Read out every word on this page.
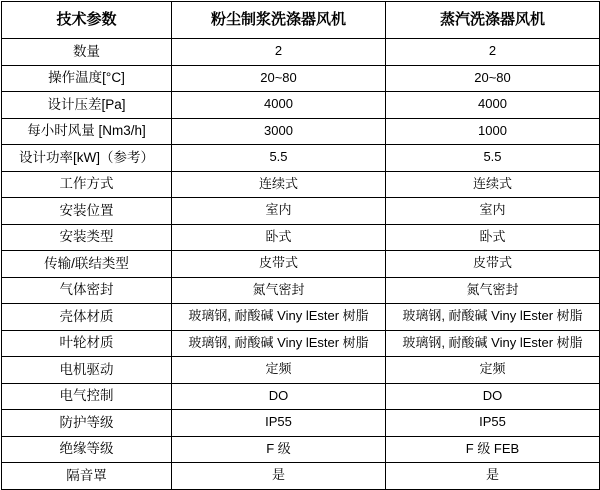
技术参数	粉尘制浆洗涤器风机	蒸汽洗涤器风机
数量	2	2
操作温度[°C]	20~80	20~80
设计压差[Pa]	4000	4000
每小时风量 [Nm3/h]	3000	1000
设计功率[kW]（参考）	5.5	5.5
工作方式	连续式	连续式
安装位置	室内	室内
安装类型	卧式	卧式
传输/联结类型	皮带式	皮带式
气体密封	氮气密封	氮气密封
壳体材质	玻璃钢, 耐酸碱 Viny lEster 树脂	玻璃钢, 耐酸碱 Viny lEster 树脂
叶轮材质	玻璃钢, 耐酸碱 Viny lEster 树脂	玻璃钢, 耐酸碱 Viny lEster 树脂
电机驱动	定频	定频
电气控制	DO	DO
防护等级	IP55	IP55
绝缘等级	F 级	F 级 FEB
隔音罩	是	是
